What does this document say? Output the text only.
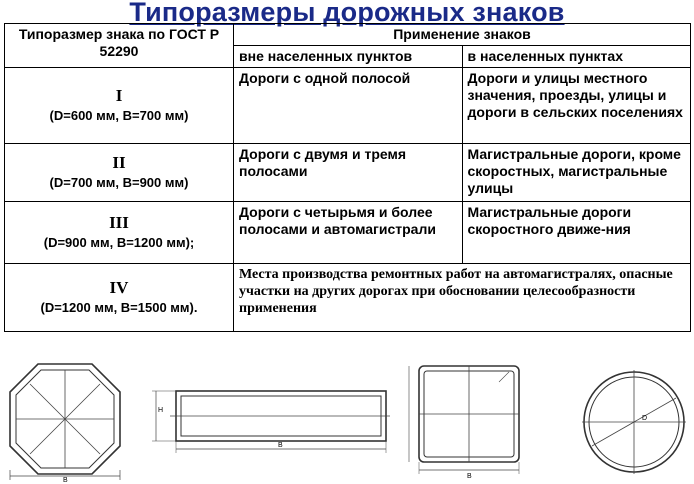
Типоразмеры дорожных знаков
Типоразмер знака по ГОСТ Р 52290	Применение знаков	
	вне населенных пунктов	в населенных пунктах

I
(D=600 мм, B=700 мм)	Дороги с одной полосой	Дороги и улицы местного значения, проезды, улицы и дороги в сельских поселениях

II
(D=700 мм, B=900 мм)	Дороги с двумя и тремя полосами	Магистральные дороги, кроме скоростных, магистральные улицы

III
(D=900 мм, B=1200 мм);	Дороги с четырьмя и более полосами и автомагистрали	Магистральные дороги скоростного движе-ния

IV
(D=1200 мм, B=1500 мм).	Места производства ремонтных работ на автомагистралях, опасные участки на других дорогах при обосновании целесообразности применения	
B
H
B
B
D
